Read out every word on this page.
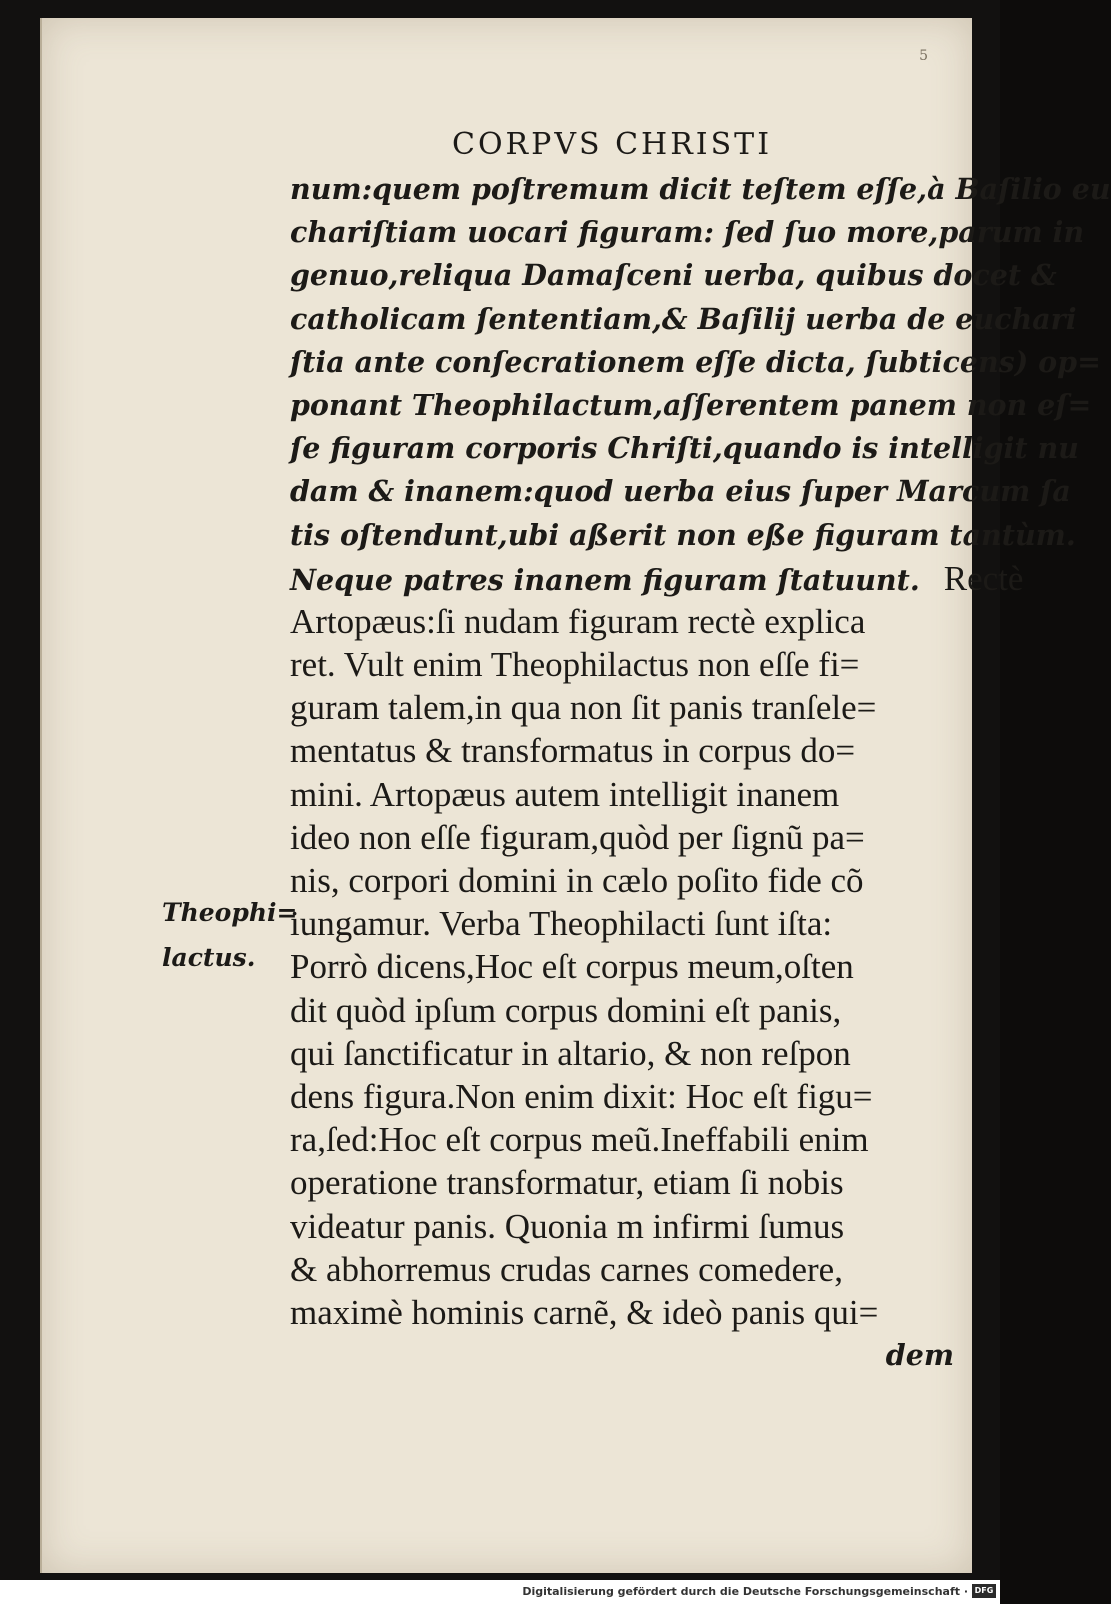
5
CORPVS CHRISTI
num:quem poſtremum dicit teſtem eſſe,à Baſilio eu
chariſtiam uocari figuram: ſed ſuo more,parum in
genuo,reliqua Damaſceni uerba, quibus docet &
catholicam ſententiam,& Baſilij uerba de euchari
ſtia ante conſecrationem eſſe dicta, ſubticens) op=
ponant Theophilactum,aſſerentem panem non eſ=
ſe figuram corporis Chriſti,quando is intelligit nu
dam & inanem:quod uerba eius ſuper Marcum ſa
tis oſtendunt,ubi aßerit non eße figuram tantùm.
Neque patres inanem figuram ſtatuunt. Rectè
Artopæus:ſi nudam figuram rectè explica
ret. Vult enim Theophilactus non eſſe fi=
guram talem,in qua non ſit panis tranſele=
mentatus & transformatus in corpus do=
mini. Artopæus autem intelligit inanem
ideo non eſſe figuram,quòd per ſignũ pa=
nis, corpori domini in cælo poſito fide cõ
iungamur. Verba Theophilacti ſunt iſta:
Porrò dicens,Hoc eſt corpus meum,oſten
dit quòd ipſum corpus domini eſt panis,
qui ſanctificatur in altario, & non reſpon
dens figura.Non enim dixit: Hoc eſt figu=
ra,ſed:Hoc eſt corpus meũ.Ineffabili enim
operatione transformatur, etiam ſi nobis
videatur panis. Quonia m infirmi ſumus
& abhorremus crudas carnes comedere,
maximè hominis carnẽ, & ideò panis qui=
dem
Theophi=
lactus.
Digitalisierung gefördert durch die Deutsche Forschungsgemeinschaft · DFG
